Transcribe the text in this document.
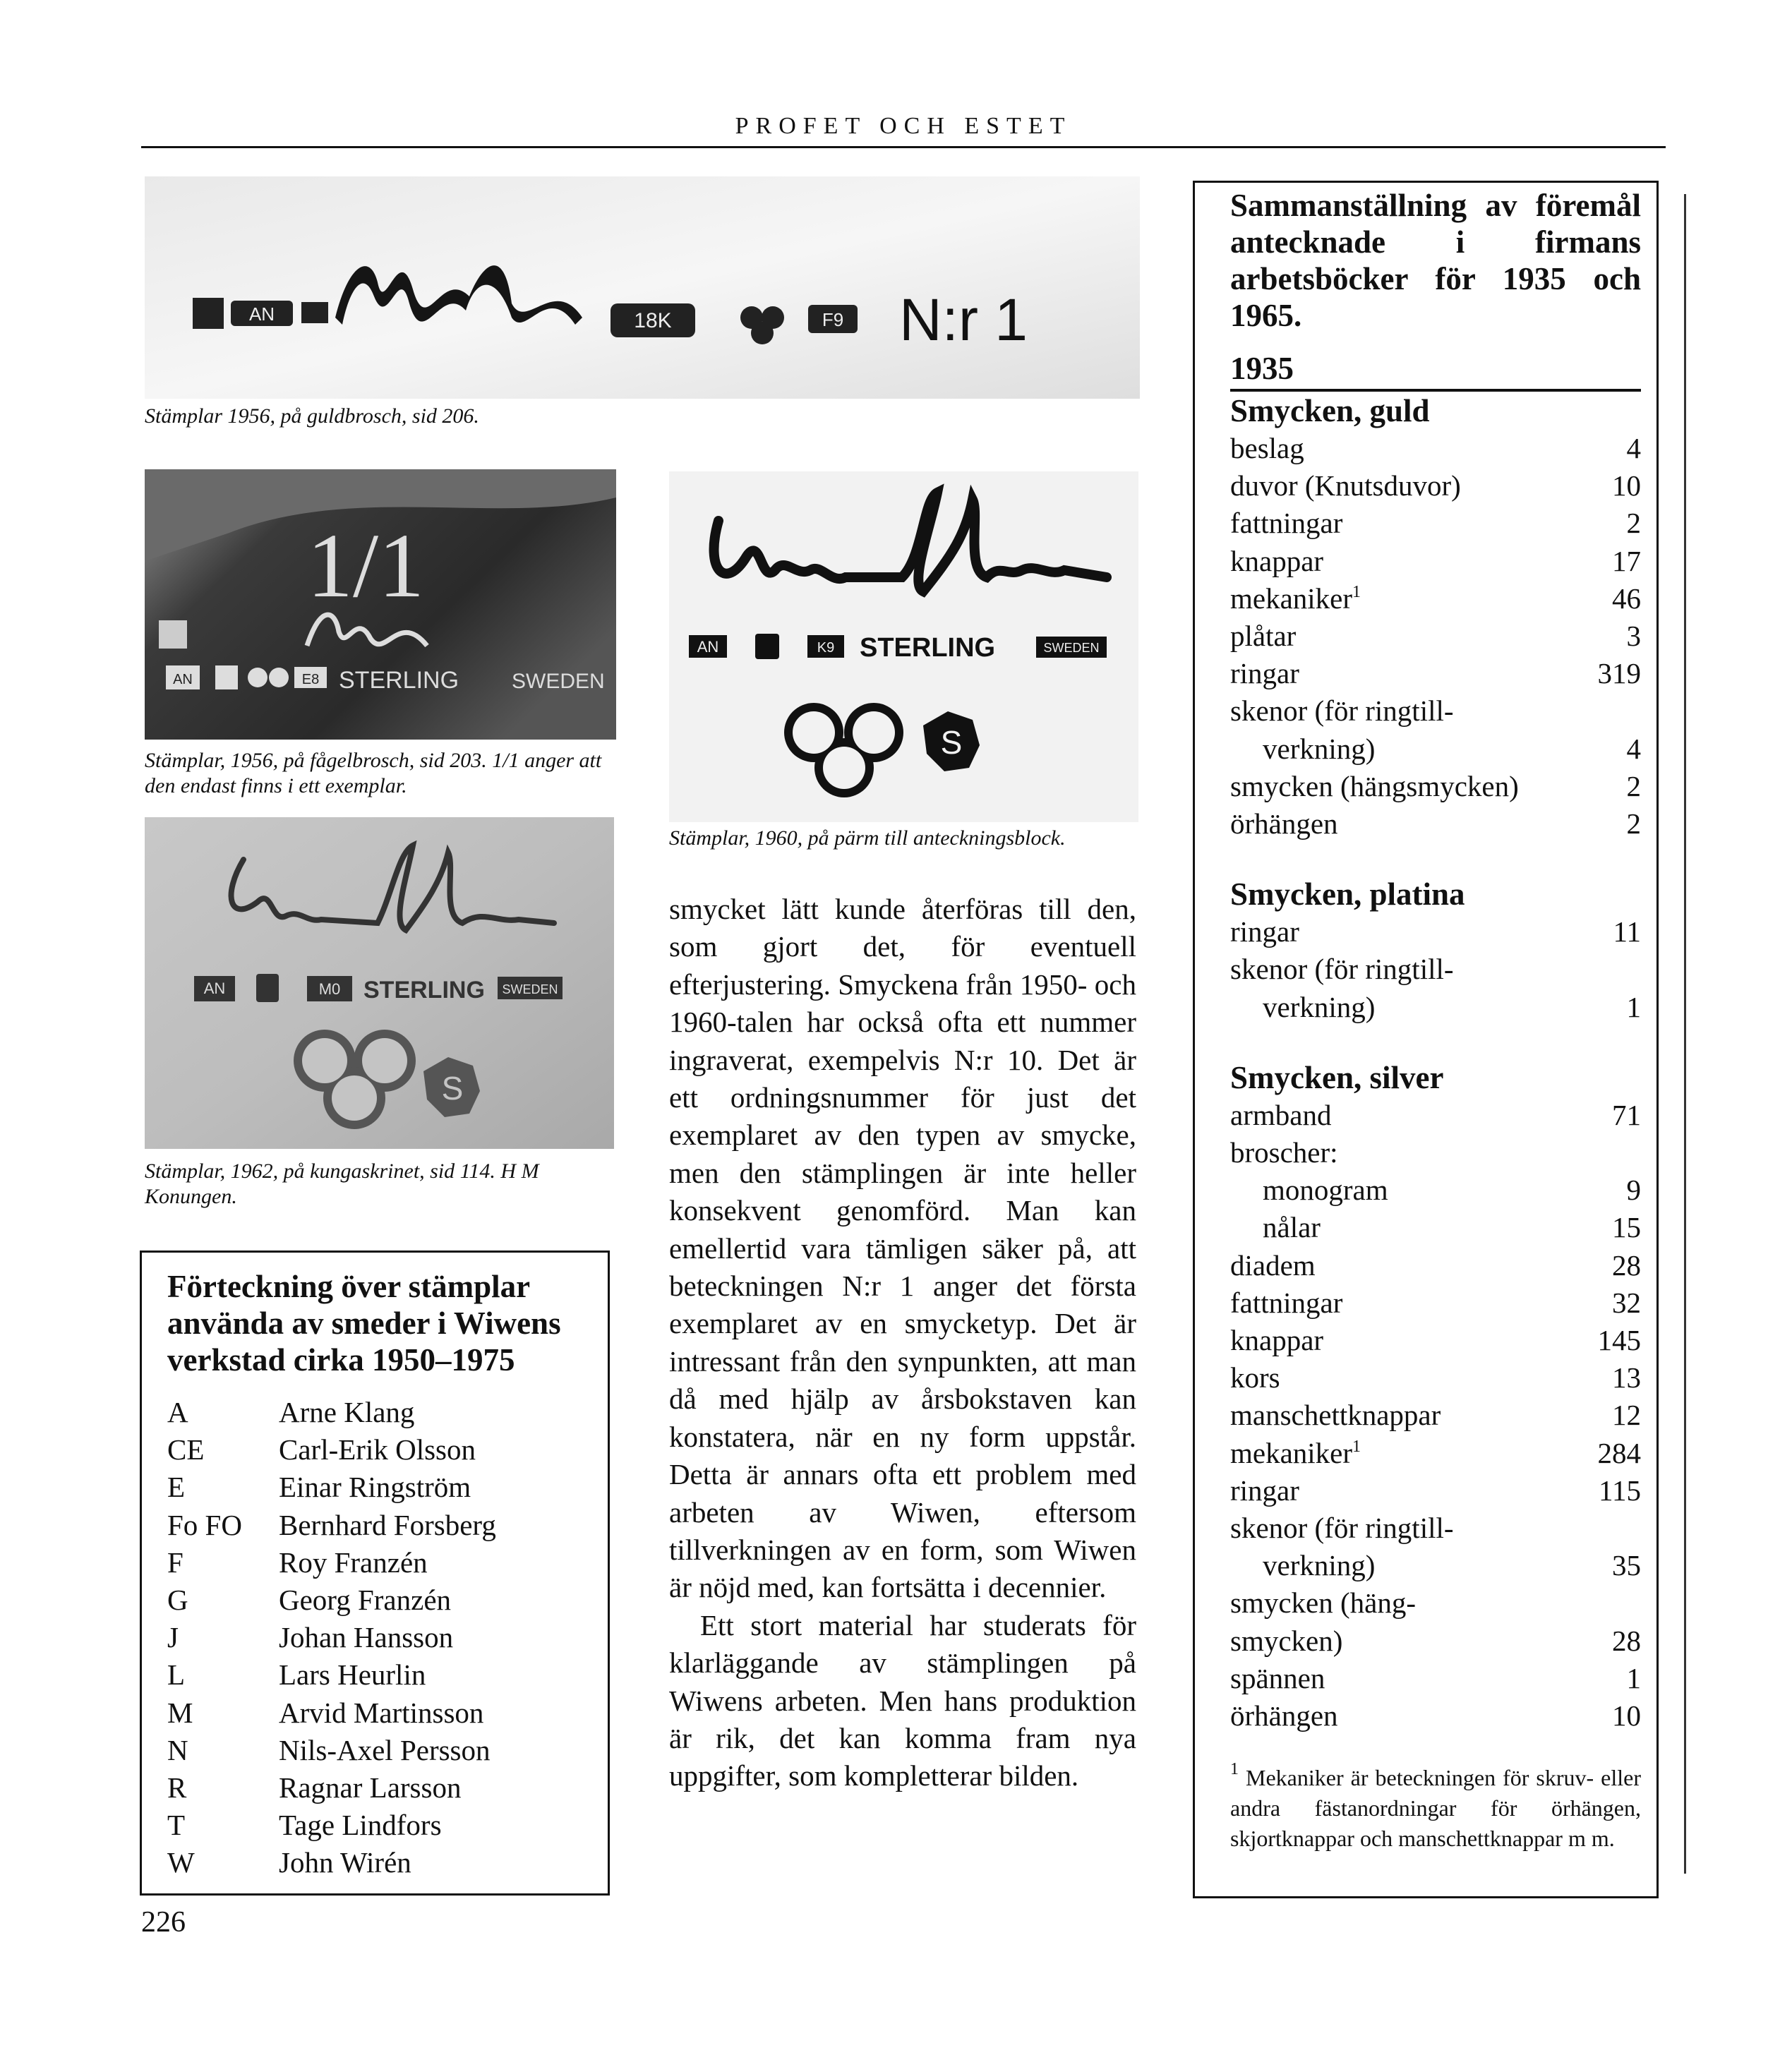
PROFET OCH ESTET
AN	18K	F9 N:r 1
Stämplar 1956, på guldbrosch, sid 206.
1/1
AN	E8 STERLING SWEDEN
Stämplar, 1956, på fågelbrosch, sid 203. 1/1 anger att den endast finns i ett exemplar.
AN	K9 STERLING	SWEDEN
S
Stämplar, 1960, på pärm till anteckningsblock.
AN	M0 STERLING SWEDEN
S
Stämplar, 1962, på kungaskrinet, sid 114. H M Konungen.
Förteckning över stämplar använda av smeder i Wiwens verkstad cirka 1950–1975
A	Arne Klang
CE	Carl-Erik Olsson
E	Einar Ringström
Fo FO	Bernhard Forsberg
F	Roy Franzén
G	Georg Franzén
J	Johan Hansson
L	Lars Heurlin
M	Arvid Martinsson
N	Nils-Axel Persson
R	Ragnar Larsson
T	Tage Lindfors
W	John Wirén

smycket lätt kunde återföras till den, som gjort det, för eventuell efterjustering. Smyckena från 1950- och 1960-talen har också ofta ett nummer ingraverat, exempelvis N:r 10. Det är ett ordningsnummer för just det exemplaret av den typen av smycke, men den stämplingen är inte heller konsekvent genomförd. Man kan emellertid vara tämligen säker på, att beteckningen N:r 1 anger det första exemplaret av en smycketyp. Det är intressant från den synpunkten, att man då med hjälp av årsbokstaven kan konstatera, när en ny form uppstår. Detta är annars ofta ett problem med arbeten av Wiwen, eftersom tillverkningen av en form, som Wiwen är nöjd med, kan fortsätta i decennier.

Ett stort material har studerats för klarläggande av stämplingen på Wiwens arbeten. Men hans produktion är rik, det kan komma fram nya uppgifter, som kompletterar bilden.

Sammanställning av föremål antecknade i firmans arbetsböcker för 1935 och 1965.
1935
Smycken, guld
beslag	4
duvor (Knutsduvor)	10
fattningar	2
knappar	17
mekaniker$^1$	46
plåtar	3
ringar	319
skenor (för ringtill-
verkning)	4
smycken (hängsmycken)	2
örhängen	2
Smycken, platina
ringar	11
skenor (för ringtill-
verkning)	1
Smycken, silver
armband	71
broscher:
monogram	9
nålar	15
diadem	28
fattningar	32
knappar	145
kors	13
manschettknappar	12
mekaniker$^1$	284
ringar	115
skenor (för ringtill-
verkning)	35
smycken (häng-
smycken)	28
spännen	1
örhängen	10
$^1$ Mekaniker är beteckningen för skruv- eller andra fästanordningar för örhängen, skjortknappar och manschettknappar m m.
226
